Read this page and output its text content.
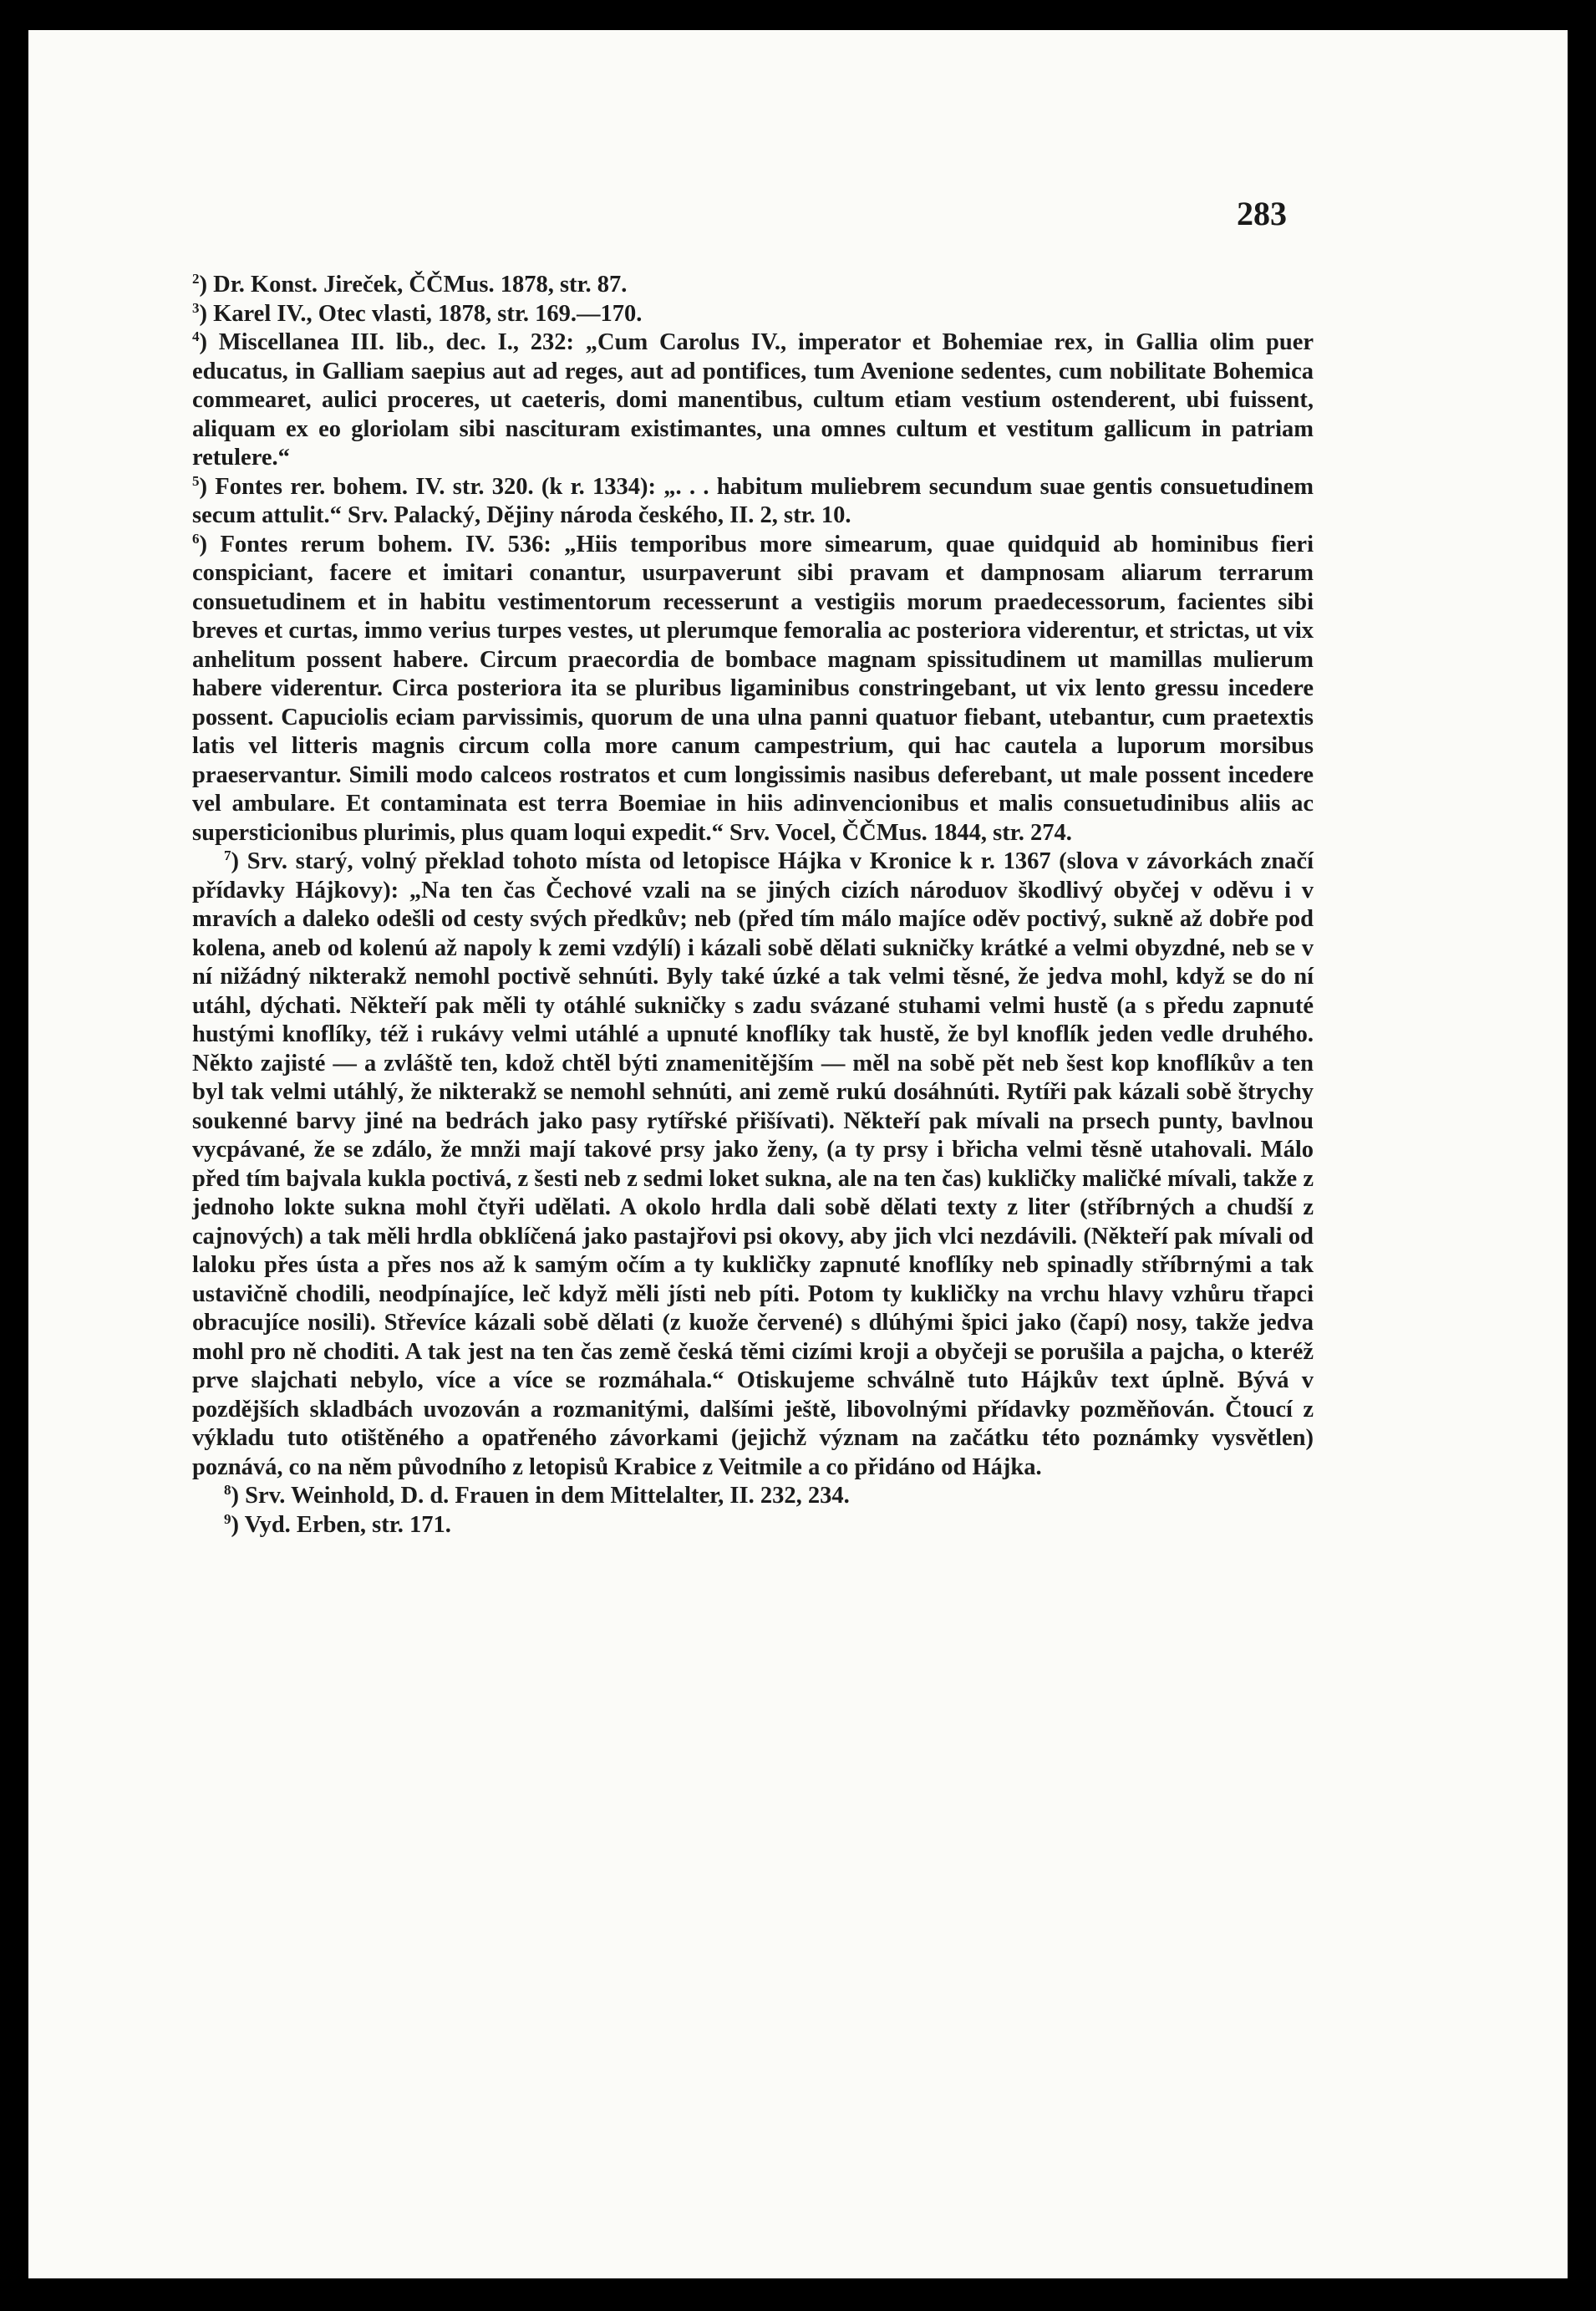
283

$^2$) Dr. Konst. Jireček, ČČMus. 1878, str. 87.

$^3$) Karel IV., Otec vlasti, 1878, str. 169.—170.

$^4$) Miscellanea III. lib., dec. I., 232: „Cum Carolus IV., imperator et Bohemiae rex, in Gallia olim puer educatus, in Galliam saepius aut ad reges, aut ad pontifices, tum Avenione sedentes, cum nobilitate Bohemica commearet, aulici proceres, ut caeteris, domi manentibus, cultum etiam vestium ostenderent, ubi fuissent, aliquam ex eo gloriolam sibi nascituram existimantes, una omnes cultum et vestitum gallicum in patriam retulere.“

$^5$) Fontes rer. bohem. IV. str. 320. (k r. 1334): „. . . habitum muliebrem secundum suae gentis consuetudinem secum attulit.“ Srv. Palacký, Dějiny národa českého, II. 2, str. 10.

$^6$) Fontes rerum bohem. IV. 536: „Hiis temporibus more simearum, quae quidquid ab hominibus fieri conspiciant, facere et imitari conantur, usurpaverunt sibi pravam et dampnosam aliarum terrarum consuetudinem et in habitu vestimentorum recesserunt a vestigiis morum praedecessorum, facientes sibi breves et curtas, immo verius turpes vestes, ut plerumque femoralia ac posteriora viderentur, et strictas, ut vix anhelitum possent habere. Circum praecordia de bombace magnam spissitudinem ut mamillas mulierum habere viderentur. Circa posteriora ita se pluribus ligaminibus constringebant, ut vix lento gressu incedere possent. Capuciolis eciam parvissimis, quorum de una ulna panni quatuor fiebant, utebantur, cum praetextis latis vel litteris magnis circum colla more canum campestrium, qui hac cautela a luporum morsibus praeservantur. Simili modo calceos rostratos et cum longissimis nasibus deferebant, ut male possent incedere vel ambulare. Et contaminata est terra Boemiae in hiis adinvencionibus et malis consuetudinibus aliis ac supersticionibus plurimis, plus quam loqui expedit.“ Srv. Vocel, ČČMus. 1844, str. 274.

$^7$) Srv. starý, volný překlad tohoto místa od letopisce Hájka v Kronice k r. 1367 (slova v závorkách značí přídavky Hájkovy): „Na ten čas Čechové vzali na se jiných cizích národuov škodlivý obyčej v oděvu i v mravích a daleko odešli od cesty svých předkův; neb (před tím málo majíce oděv poctivý, sukně až dobře pod kolena, aneb od kolenú až napoly k zemi vzdýlí) i kázali sobě dělati sukničky krátké a velmi obyzdné, neb se v ní nižádný nikterakž nemohl poctivě sehnúti. Byly také úzké a tak velmi těsné, že jedva mohl, když se do ní utáhl, dýchati. Někteří pak měli ty otáhlé sukničky s zadu svázané stuhami velmi hustě (a s předu zapnuté hustými knoflíky, též i rukávy velmi utáhlé a upnuté knoflíky tak hustě, že byl knoflík jeden vedle druhého. Někto zajisté — a zvláště ten, kdož chtěl býti znamenitějším — měl na sobě pět neb šest kop knoflíkův a ten byl tak velmi utáhlý, že nikterakž se nemohl sehnúti, ani země rukú dosáhnúti. Rytíři pak kázali sobě štrychy soukenné barvy jiné na bedrách jako pasy rytířské přišívati). Někteří pak mívali na prsech punty, bavlnou vycpávané, že se zdálo, že mnži mají takové prsy jako ženy, (a ty prsy i břicha velmi těsně utahovali. Málo před tím bajvala kukla poctivá, z šesti neb z sedmi loket sukna, ale na ten čas) kukličky maličké mívali, takže z jednoho lokte sukna mohl čtyři udělati. A okolo hrdla dali sobě dělati texty z liter (stříbrných a chudší z cajnových) a tak měli hrdla obklíčená jako pastajřovi psi okovy, aby jich vlci nezdávili. (Někteří pak mívali od laloku přes ústa a přes nos až k samým očím a ty kukličky zapnuté knoflíky neb spinadly stříbrnými a tak ustavičně chodili, neodpínajíce, leč když měli jísti neb píti. Potom ty kukličky na vrchu hlavy vzhůru třapci obracujíce nosili). Střevíce kázali sobě dělati (z kuože červené) s dlúhými špici jako (čapí) nosy, takže jedva mohl pro ně choditi. A tak jest na ten čas země česká těmi cizími kroji a obyčeji se porušila a pajcha, o kteréž prve slajchati nebylo, více a více se rozmáhala.“ Otiskujeme schválně tuto Hájkův text úplně. Bývá v pozdějších skladbách uvozován a rozmanitými, dalšími ještě, libovolnými přídavky pozměňován. Čtoucí z výkladu tuto otištěného a opatřeného závorkami (jejichž význam na začátku této poznámky vysvětlen) poznává, co na něm původního z letopisů Krabice z Veitmile a co přidáno od Hájka.

$^8$) Srv. Weinhold, D. d. Frauen in dem Mittelalter, II. 232, 234.

$^9$) Vyd. Erben, str. 171.
